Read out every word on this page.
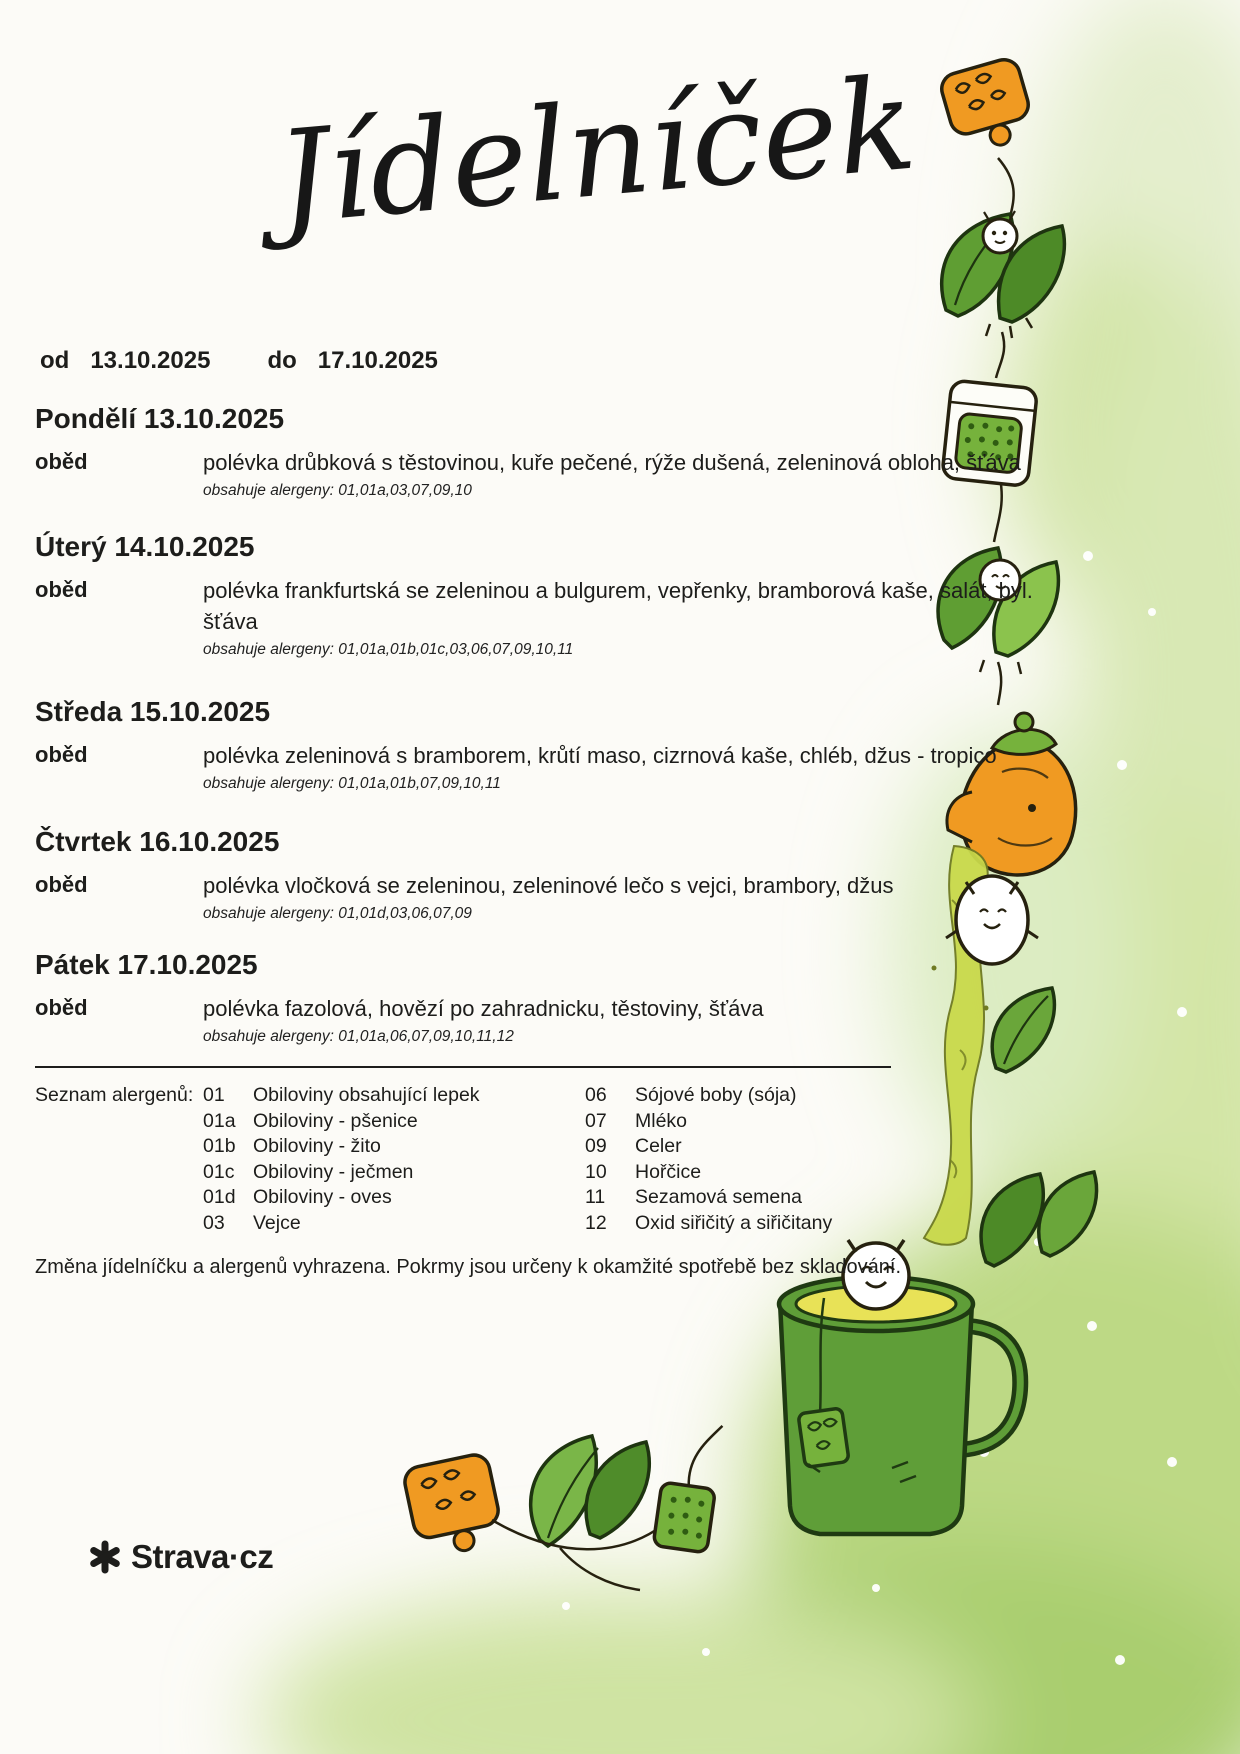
Jídelníček
od 13.10.2025 do 17.10.2025
Pondělí 13.10.2025
oběd	polévka drůbková s těstovinou, kuře pečené, rýže dušená, zeleninová obloha, šťáva
obsahuje alergeny: 01,01a,03,07,09,10
Úterý 14.10.2025
oběd	polévka frankfurtská se zeleninou a bulgurem, vepřenky, bramborová kaše, salát, byl. šťáva
obsahuje alergeny: 01,01a,01b,01c,03,06,07,09,10,11
Středa 15.10.2025
oběd	polévka zeleninová s bramborem, krůtí maso, cizrnová kaše, chléb, džus - tropico
obsahuje alergeny: 01,01a,01b,07,09,10,11
Čtvrtek 16.10.2025
oběd	polévka vločková se zeleninou, zeleninové lečo s vejci, brambory, džus
obsahuje alergeny: 01,01d,03,06,07,09
Pátek 17.10.2025
oběd	polévka fazolová, hovězí po zahradnicku, těstoviny, šťáva
obsahuje alergeny: 01,01a,06,07,09,10,11,12
Seznam alergenů: 01	Obiloviny obsahující lepek
01a Obiloviny - pšenice
01b Obiloviny - žito
01c Obiloviny - ječmen
01d Obiloviny - oves
03	Vejce
06	Sójové boby (sója)
07	Mléko
09	Celer
10	Hořčice
11	Sezamová semena
12	Oxid siřičitý a siřičitany
Změna jídelníčku a alergenů vyhrazena. Pokrmy jsou určeny k okamžité spotřebě bez skladování.
Strava·cz
